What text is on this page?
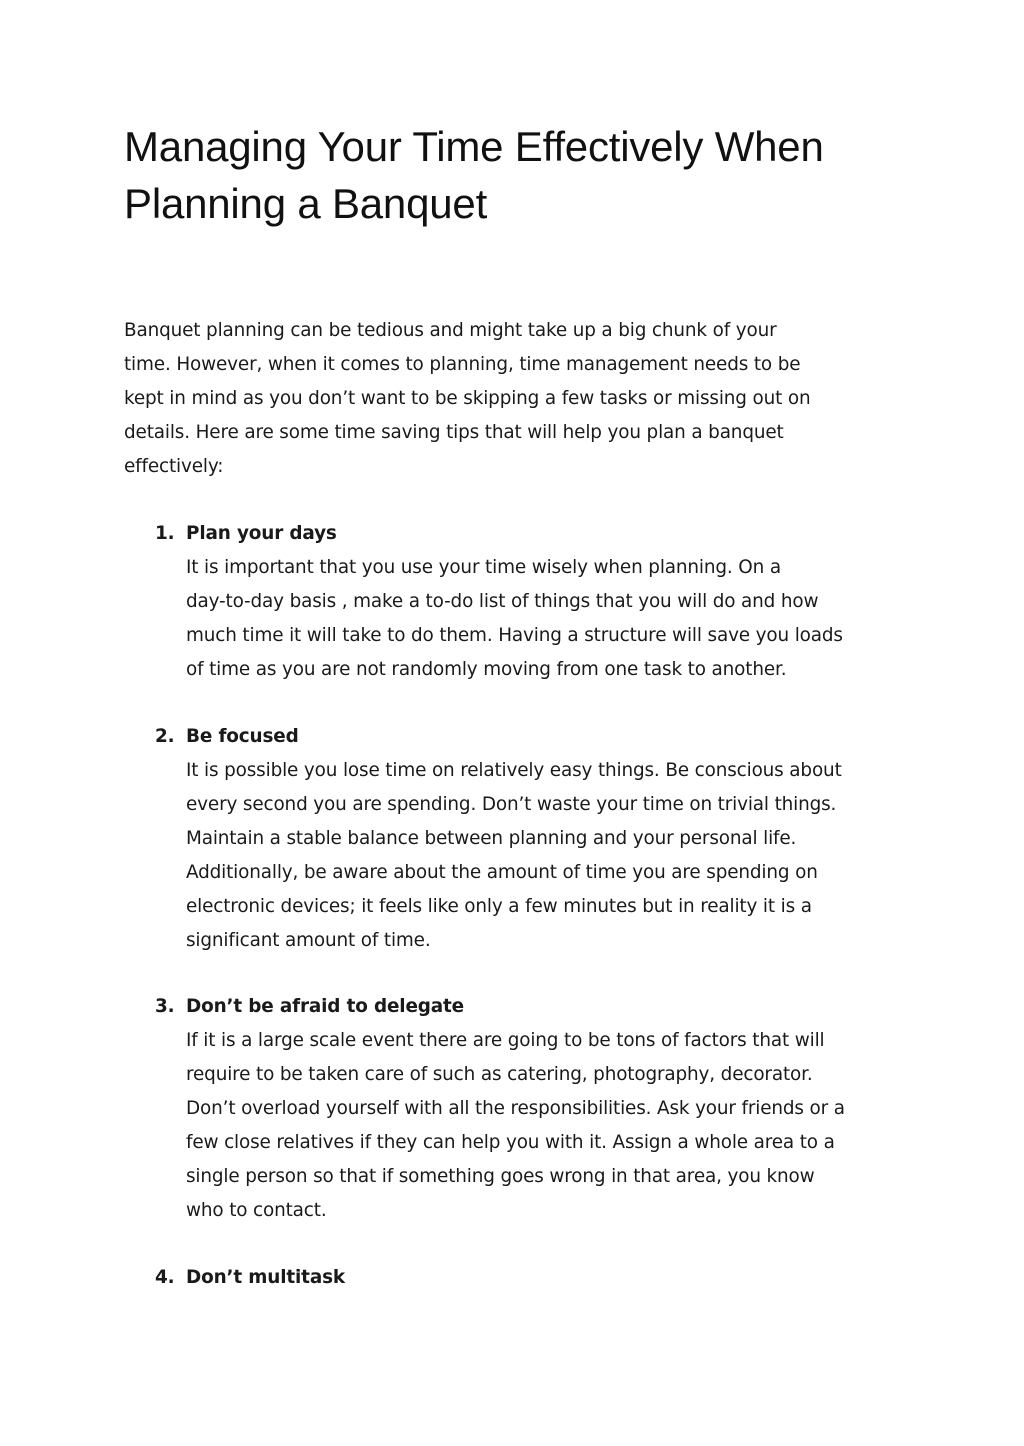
Managing Your Time Effectively When
Planning a Banquet

Banquet planning can be tedious and might take up a big chunk of your
time. However, when it comes to planning, time management needs to be
kept in mind as you don’t want to be skipping a few tasks or missing out on
details. Here are some time saving tips that will help you plan a banquet
effectively:

1. Plan your days
It is important that you use your time wisely when planning. On a
day-to-day basis , make a to-do list of things that you will do and how
much time it will take to do them. Having a structure will save you loads
of time as you are not randomly moving from one task to another.
2. Be focused
It is possible you lose time on relatively easy things. Be conscious about
every second you are spending. Don’t waste your time on trivial things.
Maintain a stable balance between planning and your personal life.
Additionally, be aware about the amount of time you are spending on
electronic devices; it feels like only a few minutes but in reality it is a
significant amount of time.
3. Don’t be afraid to delegate
If it is a large scale event there are going to be tons of factors that will
require to be taken care of such as catering, photography, decorator.
Don’t overload yourself with all the responsibilities. Ask your friends or a
few close relatives if they can help you with it. Assign a whole area to a
single person so that if something goes wrong in that area, you know
who to contact.
4. Don’t multitask
